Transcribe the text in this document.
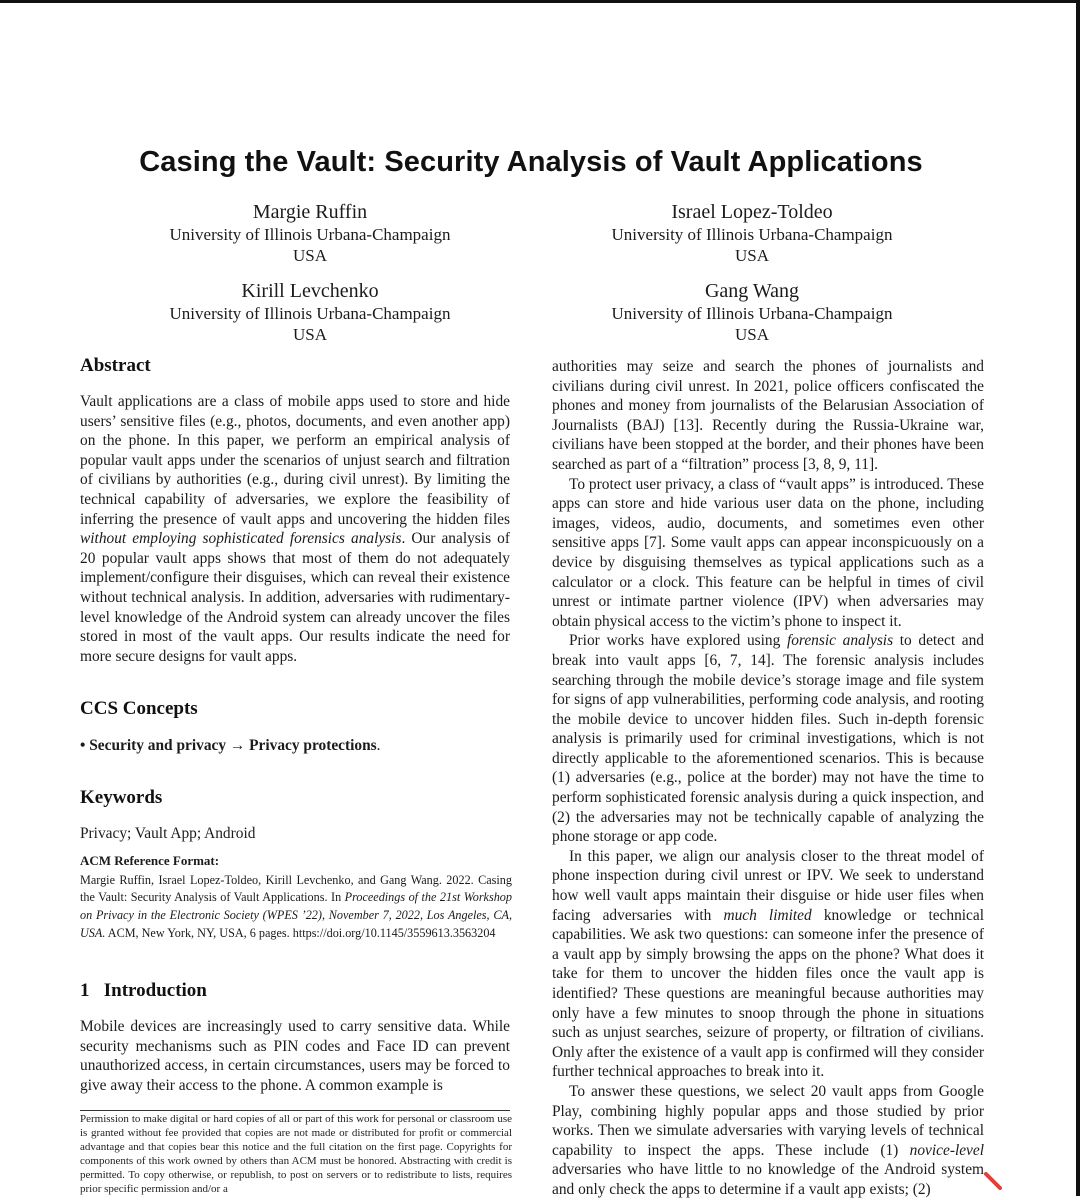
Casing the Vault: Security Analysis of Vault Applications
Margie Ruffin
University of Illinois Urbana-Champaign
USA
Israel Lopez-Toldeo
University of Illinois Urbana-Champaign
USA
Kirill Levchenko
University of Illinois Urbana-Champaign
USA
Gang Wang
University of Illinois Urbana-Champaign
USA
Abstract

Vault applications are a class of mobile apps used to store and hide users’ sensitive files (e.g., photos, documents, and even another app) on the phone. In this paper, we perform an empirical analysis of popular vault apps under the scenarios of unjust search and filtration of civilians by authorities (e.g., during civil unrest). By limiting the technical capability of adversaries, we explore the feasibility of inferring the presence of vault apps and uncovering the hidden files without employing sophisticated forensics analysis. Our analysis of 20 popular vault apps shows that most of them do not adequately implement/configure their disguises, which can reveal their existence without technical analysis. In addition, adversaries with rudimentary-level knowledge of the Android system can already uncover the files stored in most of the vault apps. Our results indicate the need for more secure designs for vault apps.

CCS Concepts

• Security and privacy → Privacy protections.

Keywords
Privacy; Vault App; Android
ACM Reference Format:
Margie Ruffin, Israel Lopez-Toldeo, Kirill Levchenko, and Gang Wang. 2022. Casing the Vault: Security Analysis of Vault Applications. In Proceedings of the 21st Workshop on Privacy in the Electronic Society (WPES ’22), November 7, 2022, Los Angeles, CA, USA. ACM, New York, NY, USA, 6 pages. https://doi.org/10.1145/3559613.3563204
1 Introduction
Mobile devices are increasingly used to carry sensitive data. While security mechanisms such as PIN codes and Face ID can prevent unauthorized access, in certain circumstances, users may be forced to give away their access to the phone. A common example is
Permission to make digital or hard copies of all or part of this work for personal or classroom use is granted without fee provided that copies are not made or distributed for profit or commercial advantage and that copies bear this notice and the full citation on the first page. Copyrights for components of this work owned by others than ACM must be honored. Abstracting with credit is permitted. To copy otherwise, or republish, to post on servers or to redistribute to lists, requires prior specific permission and/or a

authorities may seize and search the phones of journalists and civilians during civil unrest. In 2021, police officers confiscated the phones and money from journalists of the Belarusian Association of Journalists (BAJ) [13]. Recently during the Russia-Ukraine war, civilians have been stopped at the border, and their phones have been searched as part of a “filtration” process [3, 8, 9, 11].

To protect user privacy, a class of “vault apps” is introduced. These apps can store and hide various user data on the phone, including images, videos, audio, documents, and sometimes even other sensitive apps [7]. Some vault apps can appear inconspicuously on a device by disguising themselves as typical applications such as a calculator or a clock. This feature can be helpful in times of civil unrest or intimate partner violence (IPV) when adversaries may obtain physical access to the victim’s phone to inspect it.

Prior works have explored using forensic analysis to detect and break into vault apps [6, 7, 14]. The forensic analysis includes searching through the mobile device’s storage image and file system for signs of app vulnerabilities, performing code analysis, and rooting the mobile device to uncover hidden files. Such in-depth forensic analysis is primarily used for criminal investigations, which is not directly applicable to the aforementioned scenarios. This is because (1) adversaries (e.g., police at the border) may not have the time to perform sophisticated forensic analysis during a quick inspection, and (2) the adversaries may not be technically capable of analyzing the phone storage or app code.

In this paper, we align our analysis closer to the threat model of phone inspection during civil unrest or IPV. We seek to understand how well vault apps maintain their disguise or hide user files when facing adversaries with much limited knowledge or technical capabilities. We ask two questions: can someone infer the presence of a vault app by simply browsing the apps on the phone? What does it take for them to uncover the hidden files once the vault app is identified? These questions are meaningful because authorities may only have a few minutes to snoop through the phone in situations such as unjust searches, seizure of property, or filtration of civilians. Only after the existence of a vault app is confirmed will they consider further technical approaches to break into it.

To answer these questions, we select 20 vault apps from Google Play, combining highly popular apps and those studied by prior works. Then we simulate adversaries with varying levels of technical capability to inspect the apps. These include (1) novice-level adversaries who have little to no knowledge of the Android system and only check the apps to determine if a vault app exists; (2)
